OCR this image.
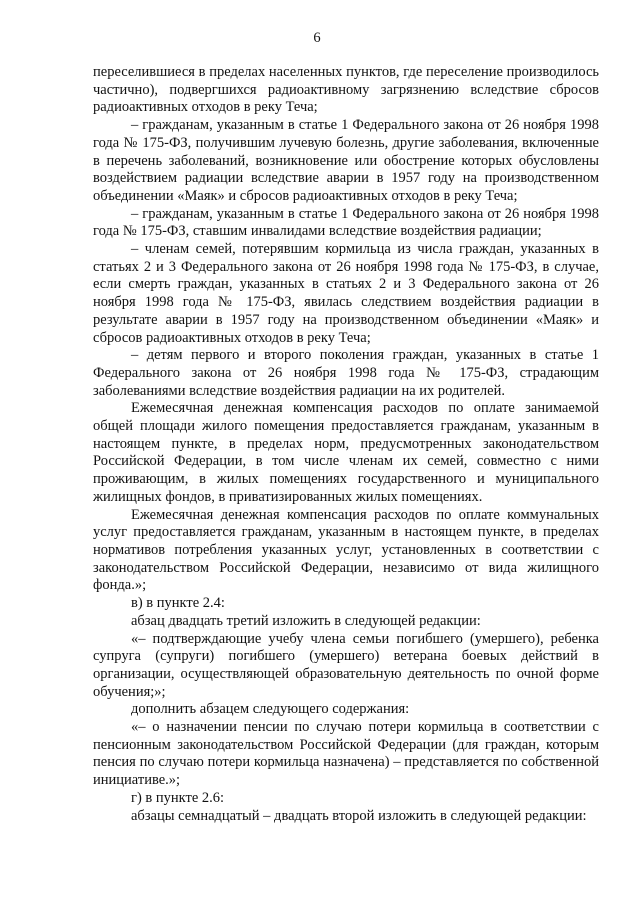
6

переселившиеся в пределах населенных пунктов, где переселение производилось частично), подвергшихся радиоактивному загрязнению вследствие сбросов радиоактивных отходов в реку Теча;

– гражданам, указанным в статье 1 Федерального закона от 26 ноября 1998 года № 175-ФЗ, получившим лучевую болезнь, другие заболевания, включенные в перечень заболеваний, возникновение или обострение которых обусловлены воздействием радиации вследствие аварии в 1957 году на производственном объединении «Маяк» и сбросов радиоактивных отходов в реку Теча;

– гражданам, указанным в статье 1 Федерального закона от 26 ноября 1998 года № 175-ФЗ, ставшим инвалидами вследствие воздействия радиации;

– членам семей, потерявшим кормильца из числа граждан, указанных в статьях 2 и 3 Федерального закона от 26 ноября 1998 года № 175-ФЗ, в случае, если смерть граждан, указанных в статьях 2 и 3 Федерального закона от 26 ноября 1998 года № 175-ФЗ, явилась следствием воздействия радиации в результате аварии в 1957 году на производственном объединении «Маяк» и сбросов радиоактивных отходов в реку Теча;

– детям первого и второго поколения граждан, указанных в статье 1 Федерального закона от 26 ноября 1998 года № 175-ФЗ, страдающим заболеваниями вследствие воздействия радиации на их родителей.

Ежемесячная денежная компенсация расходов по оплате занимаемой общей площади жилого помещения предоставляется гражданам, указанным в настоящем пункте, в пределах норм, предусмотренных законодательством Российской Федерации, в том числе членам их семей, совместно с ними проживающим, в жилых помещениях государственного и муниципального жилищных фондов, в приватизированных жилых помещениях.

Ежемесячная денежная компенсация расходов по оплате коммунальных услуг предоставляется гражданам, указанным в настоящем пункте, в пределах нормативов потребления указанных услуг, установленных в соответствии с законодательством Российской Федерации, независимо от вида жилищного фонда.»;

в) в пункте 2.4:

абзац двадцать третий изложить в следующей редакции:

«– подтверждающие учебу члена семьи погибшего (умершего), ребенка супруга (супруги) погибшего (умершего) ветерана боевых действий в организации, осуществляющей образовательную деятельность по очной форме обучения;»;

дополнить абзацем следующего содержания:

«– о назначении пенсии по случаю потери кормильца в соответствии с пенсионным законодательством Российской Федерации (для граждан, которым пенсия по случаю потери кормильца назначена) – представляется по собственной инициативе.»;

г) в пункте 2.6:

абзацы семнадцатый – двадцать второй изложить в следующей редакции:
